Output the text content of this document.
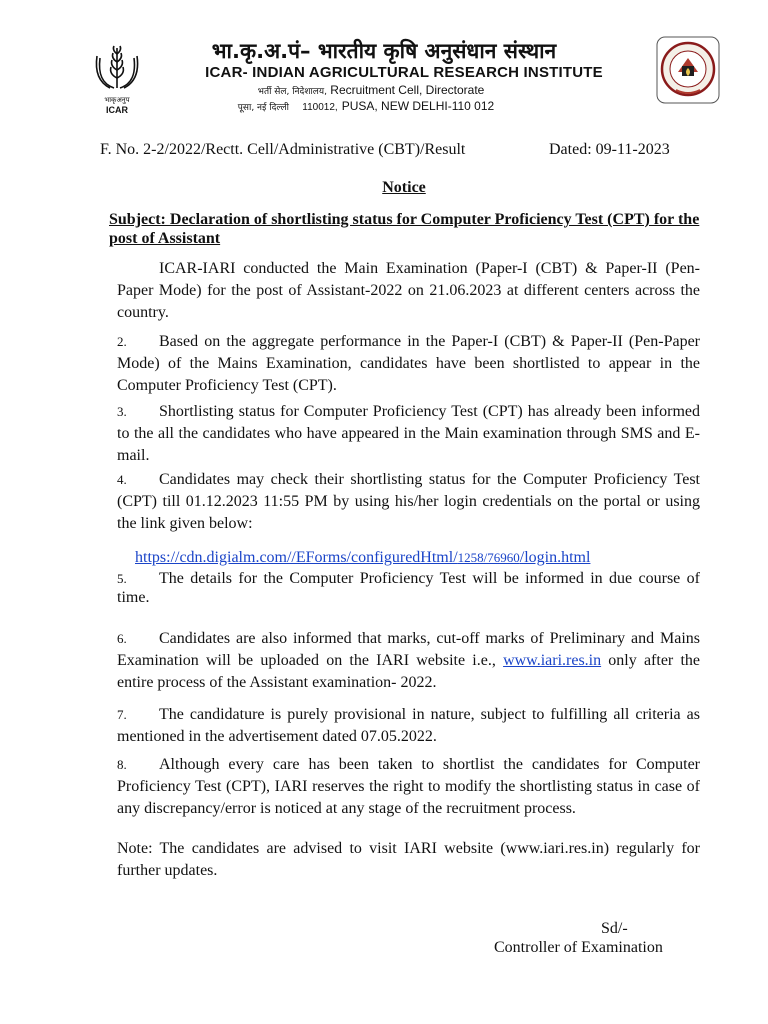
भाकृअनुप
ICAR
भा.कृ.अ.पं– भारतीय कृषि अनुसंधान संस्थान
ICAR- INDIAN AGRICULTURAL RESEARCH INSTITUTE
भर्ती सेल, निदेशालय, Recruitment Cell, Directorate
पूसा, नई दिल्ली 110012, PUSA, NEW DELHI-110 012
F. No. 2-2/2022/Rectt. Cell/Administrative (CBT)/Result	Dated: 09-11-2023
Notice
Subject: Declaration of shortlisting status for Computer Proficiency Test (CPT) for the post of Assistant
ICAR-IARI conducted the Main Examination (Paper-I (CBT) & Paper-II (Pen-Paper Mode) for the post of Assistant-2022 on 21.06.2023 at different centers across the country.
2. Based on the aggregate performance in the Paper-I (CBT) & Paper-II (Pen-Paper Mode) of the Mains Examination, candidates have been shortlisted to appear in the Computer Proficiency Test (CPT).
3. Shortlisting status for Computer Proficiency Test (CPT) has already been informed to the all the candidates who have appeared in the Main examination through SMS and E-mail.
4. Candidates may check their shortlisting status for the Computer Proficiency Test (CPT) till 01.12.2023 11:55 PM by using his/her login credentials on the portal or using the link given below:
https://cdn.digialm.com//EForms/configuredHtml/1258/76960/login.html
5. The details for the Computer Proficiency Test will be informed in due course of time.
6. Candidates are also informed that marks, cut-off marks of Preliminary and Mains Examination will be uploaded on the IARI website i.e., www.iari.res.in only after the entire process of the Assistant examination- 2022.
7. The candidature is purely provisional in nature, subject to fulfilling all criteria as mentioned in the advertisement dated 07.05.2022.
8. Although every care has been taken to shortlist the candidates for Computer Proficiency Test (CPT), IARI reserves the right to modify the shortlisting status in case of any discrepancy/error is noticed at any stage of the recruitment process.
Note: The candidates are advised to visit IARI website (www.iari.res.in) regularly for further updates.
Sd/-
Controller of Examination
